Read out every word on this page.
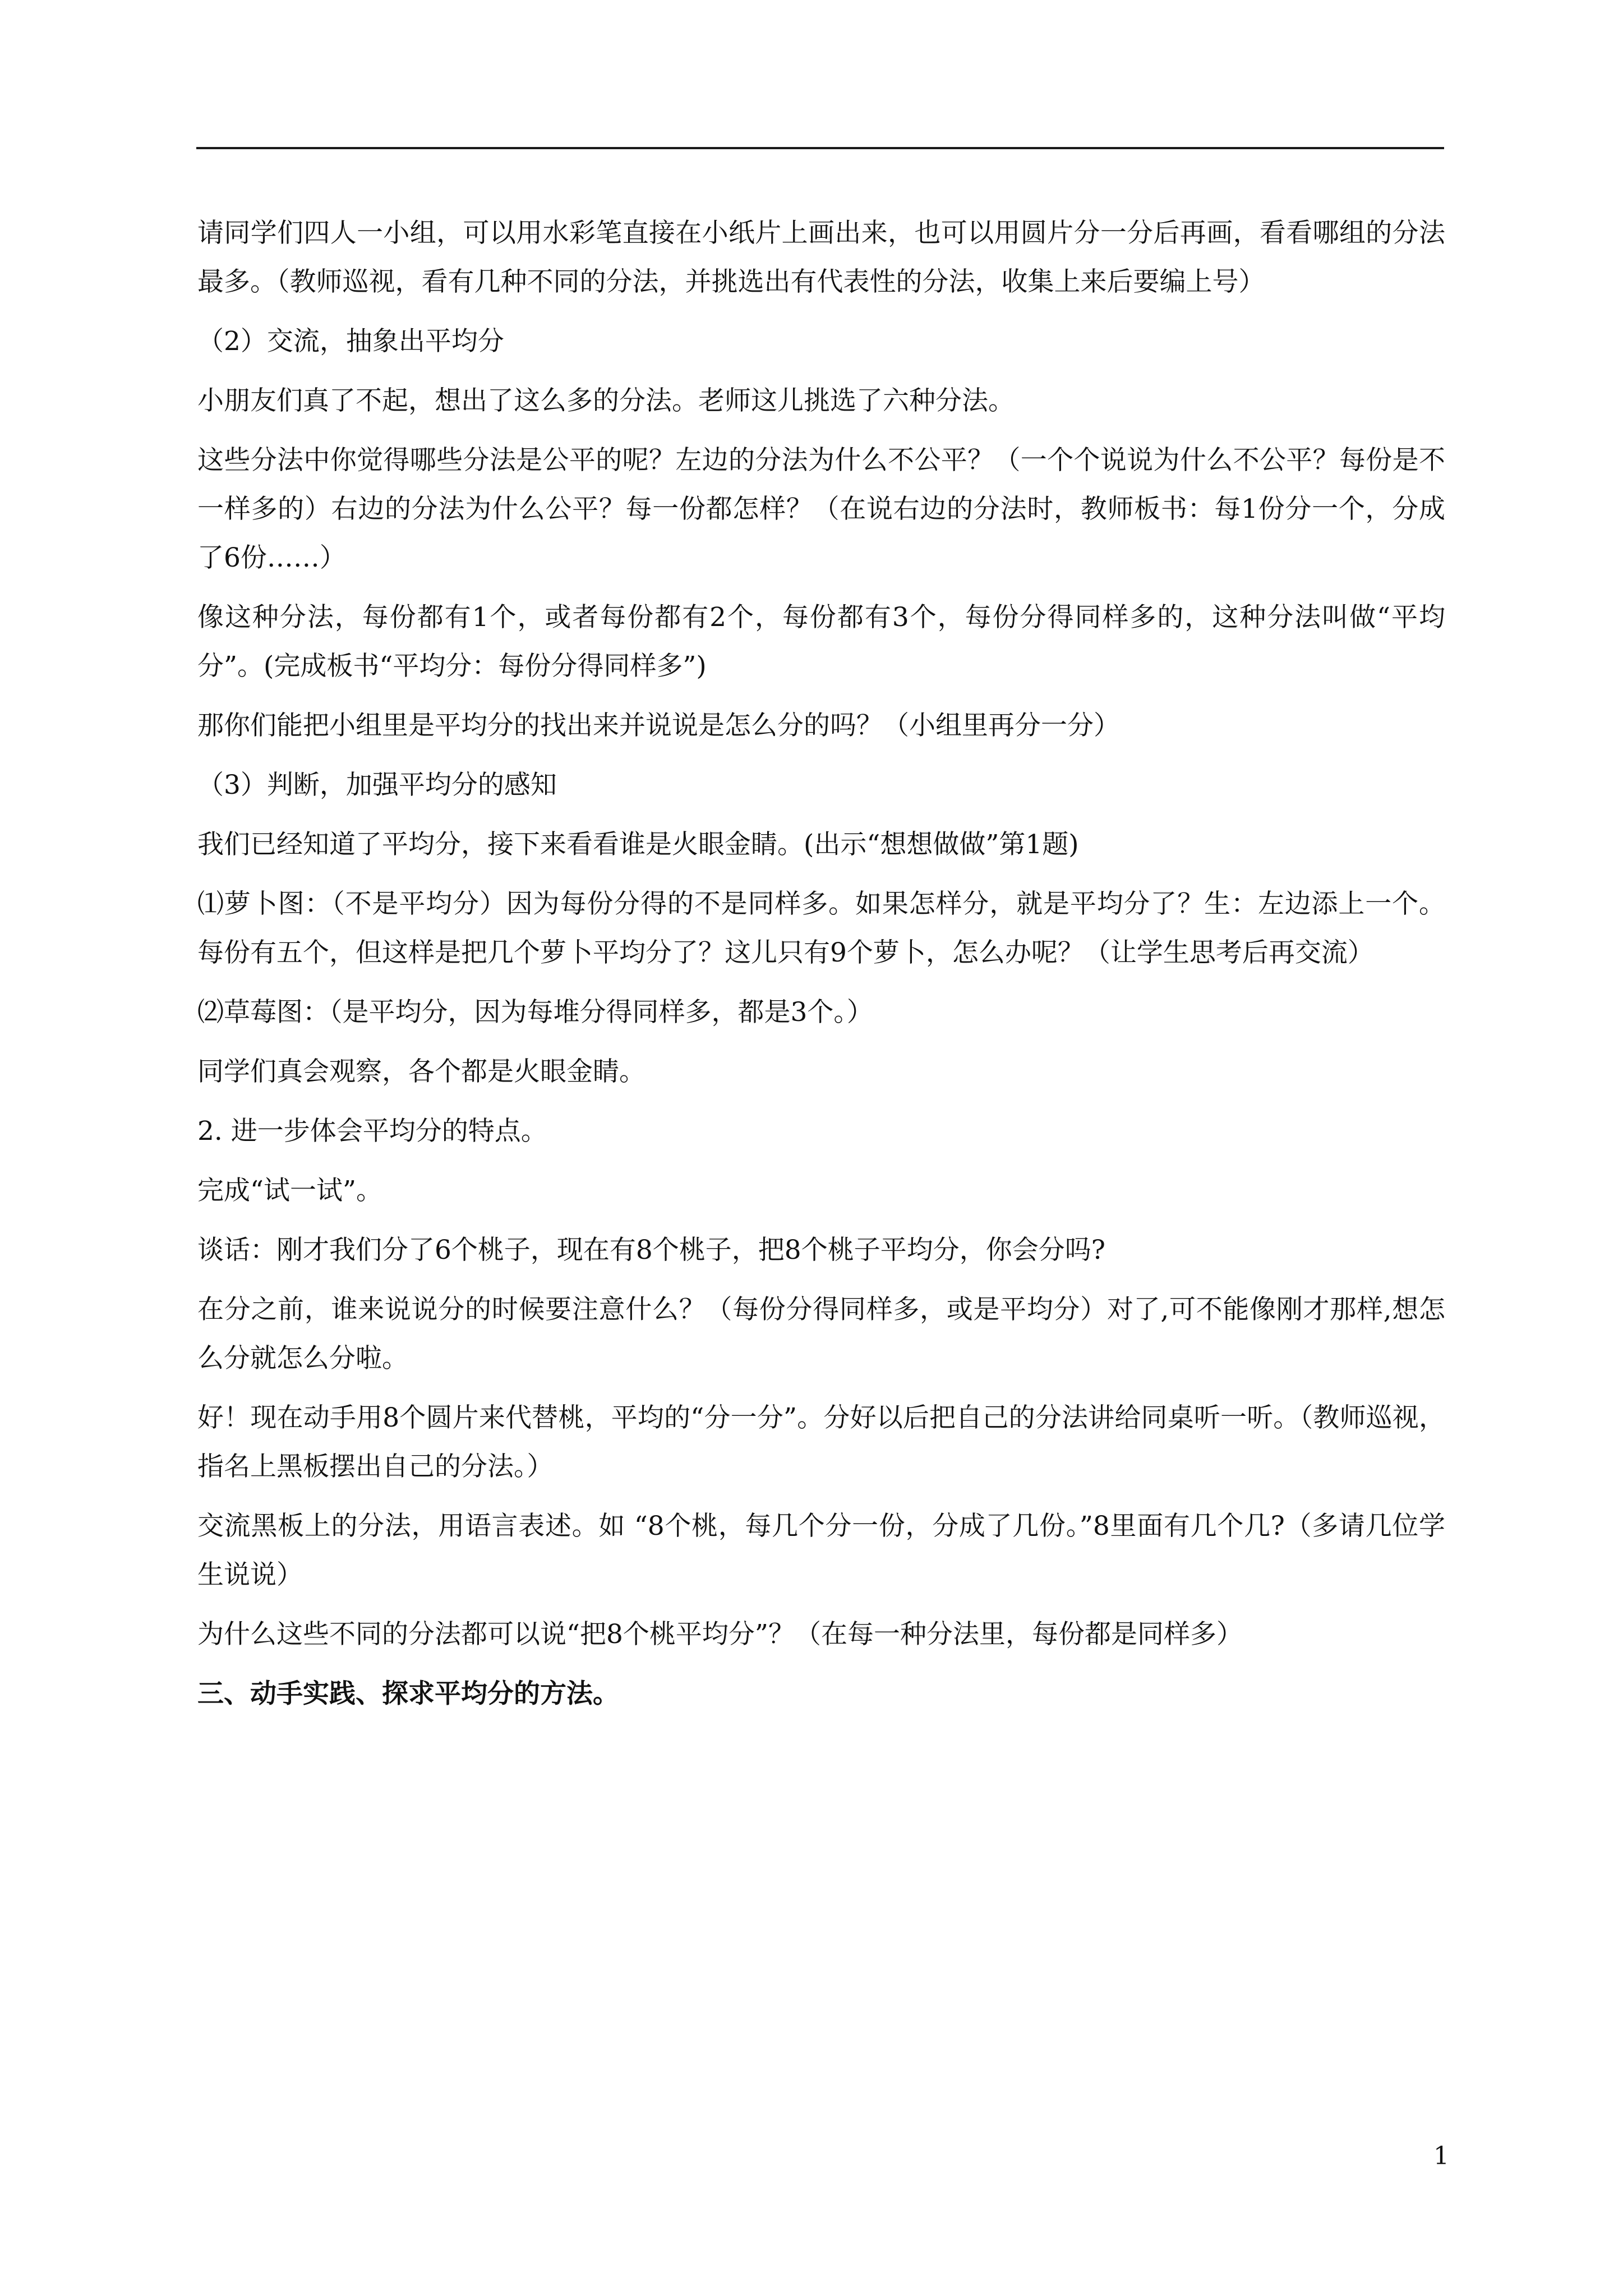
请同学们四人一小组，可以用水彩笔直接在小纸片上画出来，也可以用圆片分一分后再画，看看哪组的分法最多。（教师巡视，看有几种不同的分法，并挑选出有代表性的分法，收集上来后要编上号）

（2）交流，抽象出平均分

小朋友们真了不起，想出了这么多的分法。老师这儿挑选了六种分法。

这些分法中你觉得哪些分法是公平的呢？左边的分法为什么不公平？（一个个说说为什么不公平？每份是不一样多的）右边的分法为什么公平？每一份都怎样？（在说右边的分法时，教师板书：每1份分一个，分成了6份……）

像这种分法，每份都有1个，或者每份都有2个，每份都有3个，每份分得同样多的，这种分法叫做“平均分”。(完成板书“平均分：每份分得同样多”)

那你们能把小组里是平均分的找出来并说说是怎么分的吗？（小组里再分一分）

（3）判断，加强平均分的感知

我们已经知道了平均分，接下来看看谁是火眼金睛。(出示“想想做做”第1题)

⑴萝卜图：（不是平均分）因为每份分得的不是同样多。如果怎样分，就是平均分了？生：左边添上一个。每份有五个，但这样是把几个萝卜平均分了？这儿只有9个萝卜，怎么办呢？（让学生思考后再交流）

⑵草莓图：（是平均分，因为每堆分得同样多，都是3个。）

同学们真会观察，各个都是火眼金睛。

2. 进一步体会平均分的特点。

完成“试一试”。

谈话：刚才我们分了6个桃子，现在有8个桃子，把8个桃子平均分，你会分吗?

在分之前，谁来说说分的时候要注意什么？（每份分得同样多，或是平均分）对了,可不能像刚才那样,想怎么分就怎么分啦。

好！现在动手用8个圆片来代替桃，平均的“分一分”。分好以后把自己的分法讲给同桌听一听。（教师巡视，指名上黑板摆出自己的分法。）

交流黑板上的分法，用语言表述。如 “8个桃，每几个分一份，分成了几份。”8里面有几个几?（多请几位学生说说）

为什么这些不同的分法都可以说“把8个桃平均分”？（在每一种分法里，每份都是同样多）

三、动手实践、探求平均分的方法。

1
